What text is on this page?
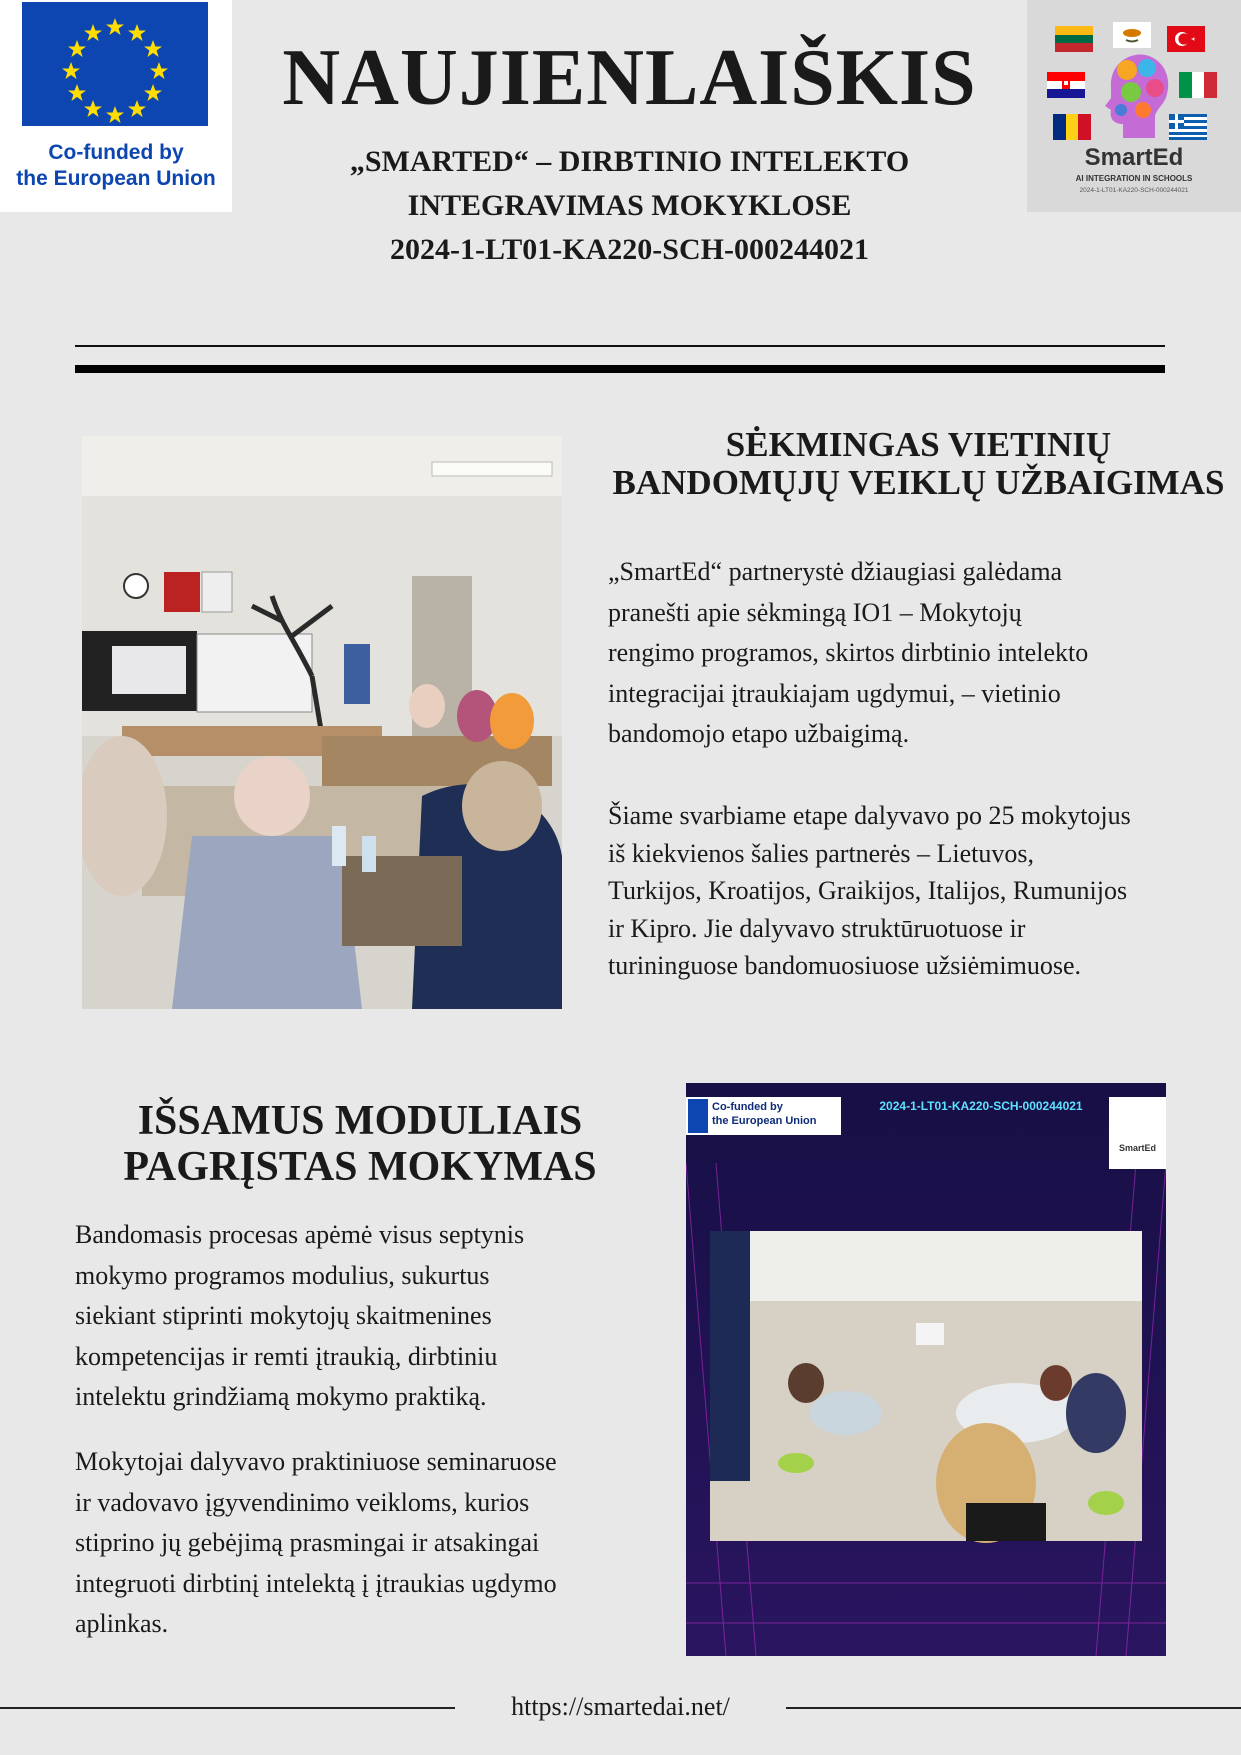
Co-funded by
the European Union
NAUJIENLAIŠKIS
„SMARTED“ – DIRBTINIO INTELEKTO
INTEGRAVIMAS MOKYKLOSE
2024-1-LT01-KA220-SCH-000244021
SmartEd
AI INTEGRATION IN SCHOOLS
2024-1-LT01-KA220-SCH-000244021
SĖKMINGAS VIETINIŲ
BANDOMŲJŲ VEIKLŲ UŽBAIGIMAS
„SmartEd“ partnerystė džiaugiasi galėdama
pranešti apie sėkmingą IO1 – Mokytojų
rengimo programos, skirtos dirbtinio intelekto
integracijai įtraukiajam ugdymui, – vietinio
bandomojo etapo užbaigimą.
Šiame svarbiame etape dalyvavo po 25 mokytojus
iš kiekvienos šalies partnerės – Lietuvos,
Turkijos, Kroatijos, Graikijos, Italijos, Rumunijos
ir Kipro. Jie dalyvavo struktūruotuose ir
turininguose bandomuosiuose užsiėmimuose.
IŠSAMUS MODULIAIS
PAGRĮSTAS MOKYMAS
Bandomasis procesas apėmė visus septynis
mokymo programos modulius, sukurtus
siekiant stiprinti mokytojų skaitmenines
kompetencijas ir remti įtraukią, dirbtiniu
intelektu grindžiamą mokymo praktiką.
Mokytojai dalyvavo praktiniuose seminaruose
ir vadovavo įgyvendinimo veikloms, kurios
stiprino jų gebėjimą prasmingai ir atsakingai
integruoti dirbtinį intelektą į įtraukias ugdymo
aplinkas.
Co-funded by
the European Union
2024-1-LT01-KA220-SCH-000244021
SmartEd
https://smartedai.net/
